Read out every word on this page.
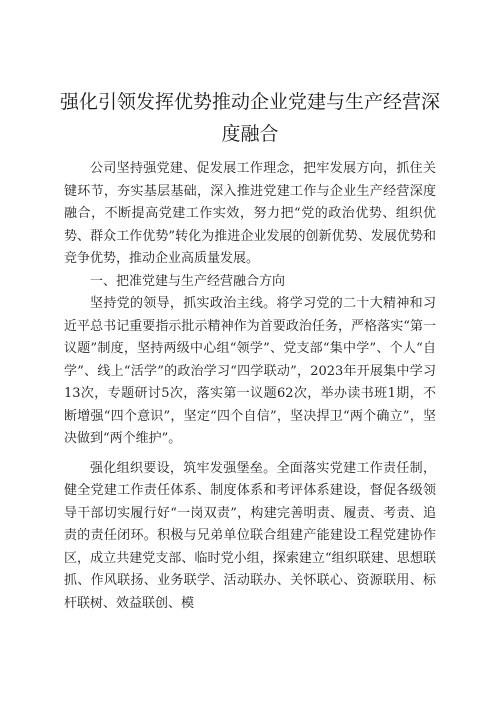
强化引领发挥优势推动企业党建与生产经营深度融合

公司坚持强党建、促发展工作理念，把牢发展方向，抓住关键环节，夯实基层基础，深入推进党建工作与企业生产经营深度融合，不断提高党建工作实效，努力把“党的政治优势、组织优势、群众工作优势”转化为推进企业发展的创新优势、发展优势和竞争优势，推动企业高质量发展。

一、把准党建与生产经营融合方向

坚持党的领导，抓实政治主线。将学习党的二十大精神和习近平总书记重要指示批示精神作为首要政治任务，严格落实“第一议题”制度，坚持两级中心组“领学”、党支部“集中学”、个人“自学”、线上“活学”的政治学习“四学联动”，2023年开展集中学习13次，专题研讨5次，落实第一议题62次，举办读书班1期，不断增强“四个意识”，坚定“四个自信”，坚决捍卫“两个确立”，坚决做到“两个维护”。

强化组织要设，筑牢发强堡垒。全面落实党建工作责任制，健全党建工作责任体系、制度体系和考评体系建设，督促各级领导干部切实履行好“一岗双责”，构建完善明责、履责、考责、追责的责任闭环。积极与兄弟单位联合组建产能建设工程党建协作区，成立共建党支部、临时党小组，探索建立“组织联建、思想联抓、作风联扬、业务联学、活动联办、关怀联心、资源联用、标杆联树、效益联创、模
